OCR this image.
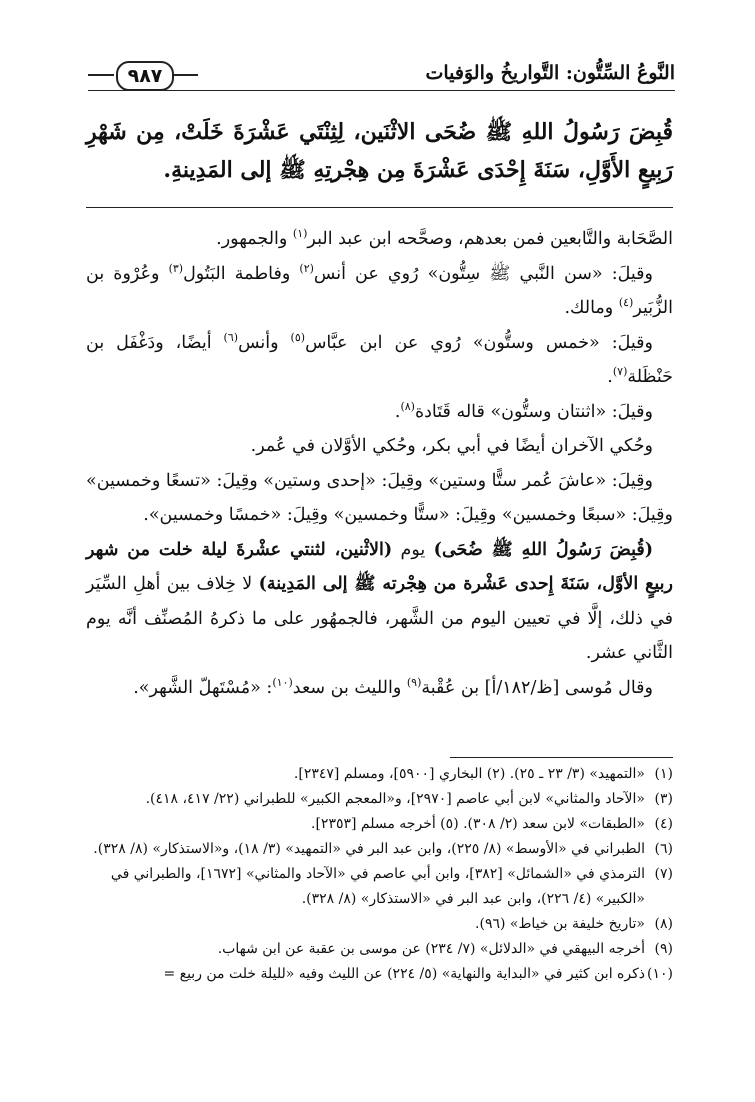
النَّوعُ السِّتُّون: التَّواريخُ والوَفيات
٩٨٧
قُبِضَ رَسُولُ اللهِ ﷺ ضُحَى الاثْنَين، لِثِنْتَي عَشْرَةَ خَلَتْ، مِن شَهْرِ رَبِيعٍ الأَوَّلِ، سَنَةَ إِحْدَى عَشْرَةَ مِن هِجْرتِهِ ﷺ إلى المَدِينةِ.

الصَّحَابة والتَّابعين فمن بعدهم، وصحَّحه ابن عبد البر$^{(١)}$ والجمهور.

وقيلَ: «سن النَّبي ﷺ سِتُّون» رُوي عن أنس$^{(٢)}$ وفاطمة البَتُول$^{(٣)}$ وعُرْوة بن الزُّبَير$^{(٤)}$ ومالك.

وقيلَ: «خمس وستُّون» رُوي عن ابن عبَّاس$^{(٥)}$ وأنس$^{(٦)}$ أيضًا، ودَغْفَل بن حَنْظَلة$^{(٧)}$.

وقيلَ: «اثنتان وستُّون» قاله قَتَادة$^{(٨)}$.

وحُكي الآخران أيضًا في أبي بكر، وحُكي الأوَّلان في عُمر.

وقِيلَ: «عاشَ عُمر ستًّا وستين» وقِيلَ: «إحدى وستين» وقِيلَ: «تسعًا وخمسين» وقِيلَ: «سبعًا وخمسين» وقِيلَ: «ستًّا وخمسين» وقِيلَ: «خمسًا وخمسين».

(قُبِضَ رَسُولُ اللهِ ﷺ ضُحَى) يوم (الاثْنين، لثنتي عشْرةَ ليلة خلت من شهر ربيعٍ الأوَّل، سَنَةَ إِحدى عَشْرة من هِجْرته ﷺ إلى المَدِينة) لا خِلاف بين أهلِ السِّيَر في ذلك، إلَّا في تعيين اليوم من الشَّهر، فالجمهُور على ما ذكرهُ المُصنِّف أنَّه يوم الثَّاني عشر.

وقال مُوسى [ظ/١٨٢/أ] بن عُقْبة$^{(٩)}$ والليث بن سعد$^{(١٠)}$: «مُسْتَهلّ الشَّهر».

(١)
«التمهيد» (٣/ ٢٣ ـ ٢٥). (٢) البخاري [٥٩٠٠]، ومسلم [٢٣٤٧].
(٣)
«الآحاد والمثاني» لابن أبي عاصم [٢٩٧٠]، و«المعجم الكبير» للطبراني (٢٢/ ٤١٧، ٤١٨).
(٤)
«الطبقات» لابن سعد (٢/ ٣٠٨). (٥) أخرجه مسلم [٢٣٥٣].
(٦)
الطبراني في «الأوسط» (٨/ ٢٢٥)، وابن عبد البر في «التمهيد» (٣/ ١٨)، و«الاستذكار» (٨/ ٣٢٨).
(٧)
الترمذي في «الشمائل» [٣٨٢]، وابن أبي عاصم في «الآحاد والمثاني» [١٦٧٢]، والطبراني في «الكبير» (٤/ ٢٢٦)، وابن عبد البر في «الاستذكار» (٨/ ٣٢٨).
(٨)
«تاريخ خليفة بن خياط» (٩٦).
(٩)
أخرجه البيهقي في «الدلائل» (٧/ ٢٣٤) عن موسى بن عقبة عن ابن شهاب.
(١٠)
ذكره ابن كثير في «البداية والنهاية» (٥/ ٢٢٤) عن الليث وفيه «لليلة خلت من ربيع =
